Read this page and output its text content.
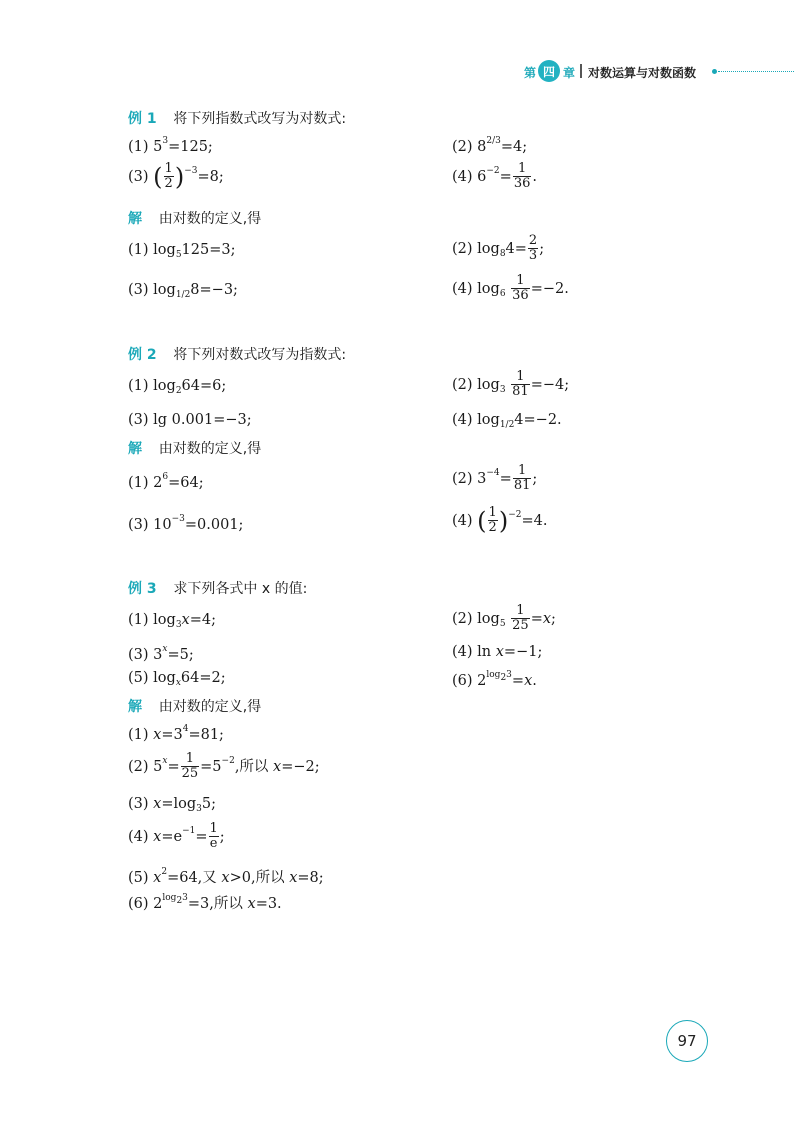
第 四 章 对数运算与对数函数
例 1 将下列指数式改写为对数式:
(1) $5^3=125$;	(2) $8^{2/3}=4$;
(3) ( $\frac{1}{2}$ ) $^{-3}$=8;	(4) $6^{-2}= \frac{1}{36}$ .
解 由对数的定义,得
(1) $\log_5125=3$;	(2) $\log_84= \frac{2}{3}$ ;
(3) $\log_{1/2}8=-3$;	(4) $\log_6 \frac{1}{36} =-2$.
例 2 将下列对数式改写为指数式:
(1) $\log_264=6$;	(2) $\log_3 \frac{1}{81} =-4$;
(3) lg 0.001=−3;	(4) $\log_{1/2}4=-2$.
解 由对数的定义,得
(1) $2^6=64$;	(2) $3^{-4}= \frac{1}{81}$ ;
(3) $10^{-3}=0.001$;	(4) ( $\frac{1}{2}$ ) $^{-2}$=4.
例 3 求下列各式中 x 的值:
(1) $\log_3x=4$;	(2) $\log_5 \frac{1}{25} =x$;
(3) $3^x=5$;	(4) ln x=−1;
(5) $\log_x64=2$;	(6) $2^{log_23}=x$.
解 由对数的定义,得
(1) $x=3^4=81$;
(2) $5^x= \frac{1}{25} =5^{-2}$,所以 x=−2;
(3) $x=\log_35$;
(4) $x=e^{-1}= \frac{1}{e}$ ;
(5) $x^2=64$,又 x>0,所以 x=8;
(6) $2^{log_23}=3$,所以 x=3.
97
